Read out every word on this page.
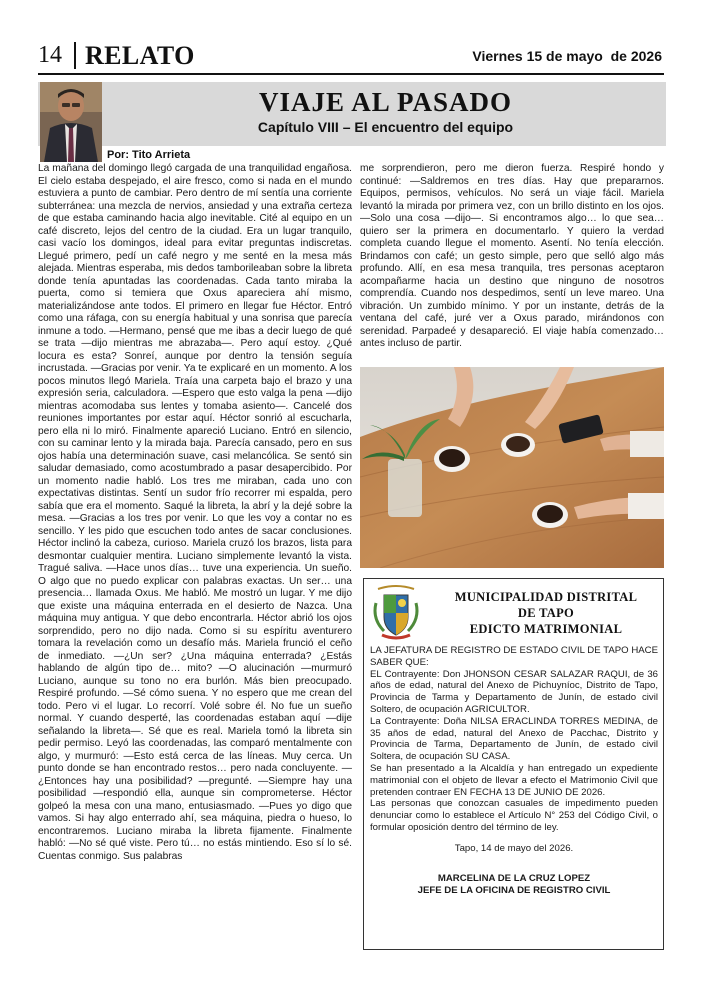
14 RELATO	Viernes 15 de mayo  de 2026
VIAJE AL PASADO
Capítulo VIII – El encuentro del equipo
Por: Tito Arrieta
La mañana del domingo llegó cargada de una tranquilidad engañosa. El cielo estaba despejado, el aire fresco, como si nada en el mundo estuviera a punto de cambiar. Pero dentro de mí sentía una corriente subterránea: una mezcla de nervios, ansiedad y una extraña certeza de que estaba caminando hacia algo inevitable. Cité al equipo en un café discreto, lejos del centro de la ciudad. Era un lugar tranquilo, casi vacío los domingos, ideal para evitar preguntas indiscretas. Llegué primero, pedí un café negro y me senté en la mesa más alejada. Mientras esperaba, mis dedos tamborileaban sobre la libreta donde tenía apuntadas las coordenadas. Cada tanto miraba la puerta, como si temiera que Oxus apareciera ahí mismo, materializándose ante todos. El primero en llegar fue Héctor. Entró como una ráfaga, con su energía habitual y una sonrisa que parecía inmune a todo. —Hermano, pensé que me ibas a decir luego de qué se trata —dijo mientras me abrazaba—. Pero aquí estoy. ¿Qué locura es esta? Sonreí, aunque por dentro la tensión seguía incrustada. —Gracias por venir. Ya te explicaré en un momento. A los pocos minutos llegó Mariela. Traía una carpeta bajo el brazo y una expresión seria, calculadora. —Espero que esto valga la pena —dijo mientras acomodaba sus lentes y tomaba asiento—. Cancelé dos reuniones importantes por estar aquí. Héctor sonrió al escucharla, pero ella ni lo miró. Finalmente apareció Luciano. Entró en silencio, con su caminar lento y la mirada baja. Parecía cansado, pero en sus ojos había una determinación suave, casi melancólica. Se sentó sin saludar demasiado, como acostumbrado a pasar desapercibido. Por un momento nadie habló. Los tres me miraban, cada uno con expectativas distintas. Sentí un sudor frío recorrer mi espalda, pero sabía que era el momento. Saqué la libreta, la abrí y la dejé sobre la mesa. —Gracias a los tres por venir. Lo que les voy a contar no es sencillo. Y les pido que escuchen todo antes de sacar conclusiones. Héctor inclinó la cabeza, curioso. Mariela cruzó los brazos, lista para desmontar cualquier mentira. Luciano simplemente levantó la vista. Tragué saliva. —Hace unos días… tuve una experiencia. Un sueño. O algo que no puedo explicar con palabras exactas. Un ser… una presencia… llamada Oxus. Me habló. Me mostró un lugar. Y me dijo que existe una máquina enterrada en el desierto de Nazca. Una máquina muy antigua. Y que debo encontrarla. Héctor abrió los ojos sorprendido, pero no dijo nada. Como si su espíritu aventurero tomara la revelación como un desafío más. Mariela frunció el ceño de inmediato. —¿Un ser? ¿Una máquina enterrada? ¿Estás hablando de algún tipo de… mito? —O alucinación —murmuró Luciano, aunque su tono no era burlón. Más bien preocupado. Respiré profundo. —Sé cómo suena. Y no espero que me crean del todo. Pero vi el lugar. Lo recorrí. Volé sobre él. No fue un sueño normal. Y cuando desperté, las coordenadas estaban aquí —dije señalando la libreta—. Sé que es real. Mariela tomó la libreta sin pedir permiso. Leyó las coordenadas, las comparó mentalmente con algo, y murmuró: —Esto está cerca de las líneas. Muy cerca. Un punto donde se han encontrado restos… pero nada concluyente. —¿Entonces hay una posibilidad? —pregunté. —Siempre hay una posibilidad —respondió ella, aunque sin comprometerse. Héctor golpeó la mesa con una mano, entusiasmado. —Pues yo digo que vamos. Si hay algo enterrado ahí, sea máquina, piedra o hueso, lo encontraremos. Luciano miraba la libreta fijamente. Finalmente habló: —No sé qué viste. Pero tú… no estás mintiendo. Eso sí lo sé. Cuentas conmigo. Sus palabras
me sorprendieron, pero me dieron fuerza. Respiré hondo y continué: —Saldremos en tres días. Hay que prepararnos. Equipos, permisos, vehículos. No será un viaje fácil. Mariela levantó la mirada por primera vez, con un brillo distinto en los ojos. —Solo una cosa —dijo—. Si encontramos algo… lo que sea… quiero ser la primera en documentarlo. Y quiero la verdad completa cuando llegue el momento. Asentí. No tenía elección. Brindamos con café; un gesto simple, pero que selló algo más profundo. Allí, en esa mesa tranquila, tres personas aceptaron acompañarme hacia un destino que ninguno de nosotros comprendía. Cuando nos despedimos, sentí un leve mareo. Una vibración. Un zumbido mínimo. Y por un instante, detrás de la ventana del café, juré ver a Oxus parado, mirándonos con serenidad. Parpadeé y desapareció. El viaje había comenzado… antes incluso de partir.
MUNICIPALIDAD DISTRITAL
DE TAPO
EDICTO MATRIMONIAL

LA JEFATURA DE REGISTRO DE ESTADO CIVIL DE TAPO HACE SABER QUE:

EL Contrayente: Don JHONSON CESAR SALAZAR RAQUI, de 36 años de edad, natural del Anexo de Pichuyníoc, Distrito de Tapo, Provincia de Tarma y Departamento de Junín, de estado civil Soltero, de ocupación AGRICULTOR.

La Contrayente: Doña NILSA ERACLINDA TORRES MEDINA, de 35 años de edad, natural del Anexo de Pacchac, Distrito y Provincia de Tarma, Departamento de Junín, de estado civil Soltera, de ocupación SU CASA.

Se han presentado a la Alcaldía y han entregado un expediente matrimonial con el objeto de llevar a efecto el Matrimonio Civil que pretenden contraer EN FECHA 13 DE JUNIO DE 2026.

Las personas que conozcan casuales de impedimento pueden denunciar como lo establece el Artículo N° 253 del Código Civil, o formular oposición dentro del término de ley.

Tapo, 14 de mayo del 2026.

MARCELINA DE LA CRUZ LOPEZ

JEFE DE LA OFICINA DE REGISTRO CIVIL
